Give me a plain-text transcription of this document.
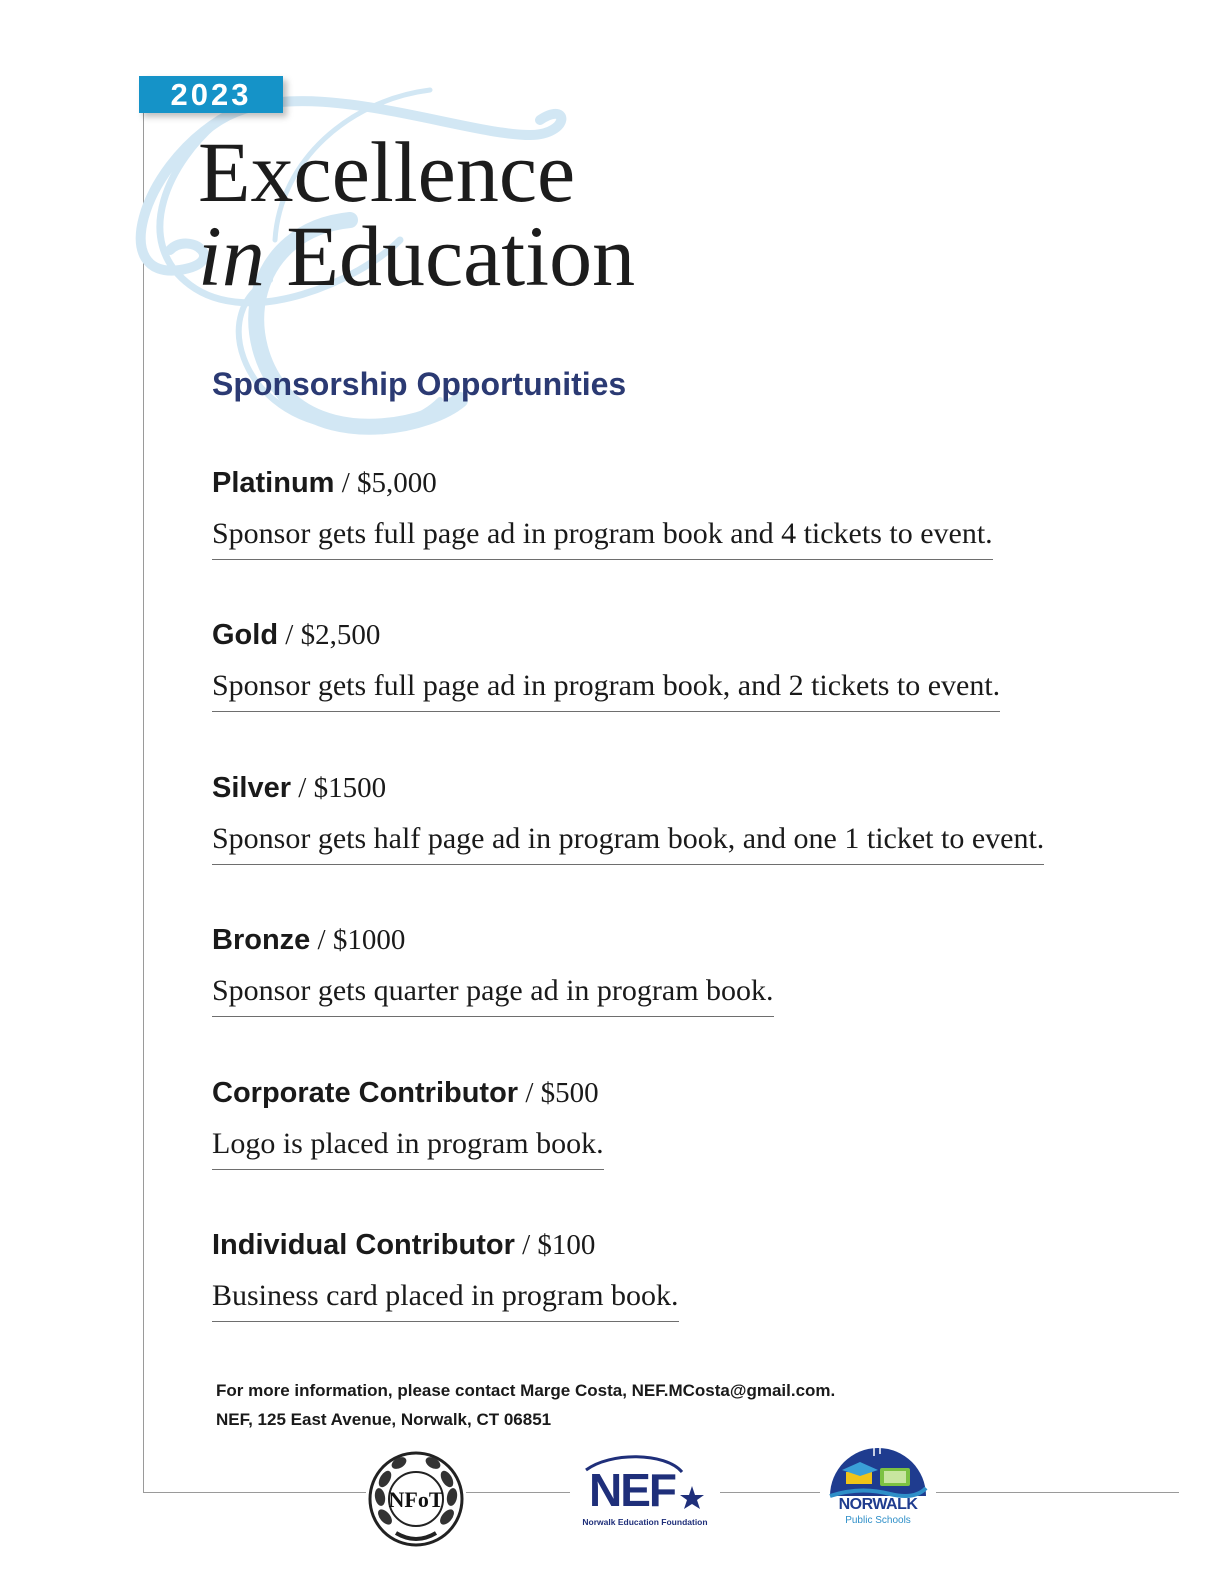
2023
Excellence
in Education
Sponsorship Opportunities
Platinum / $5,000
Sponsor gets full page ad in program book and 4 tickets to event.
Gold / $2,500
Sponsor gets full page ad in program book, and 2 tickets to event.
Silver / $1500
Sponsor gets half page ad in program book, and one 1 ticket to event.
Bronze / $1000
Sponsor gets quarter page ad in program book.
Corporate Contributor / $500
Logo is placed in program book.
Individual Contributor / $100
Business card placed in program book.
For more information, please contact Marge Costa, NEF.MCosta@gmail.com.
NEF, 125 East Avenue, Norwalk, CT 06851
NFoT	NEF
Norwalk Education Foundation
NORWALK
Public Schools
